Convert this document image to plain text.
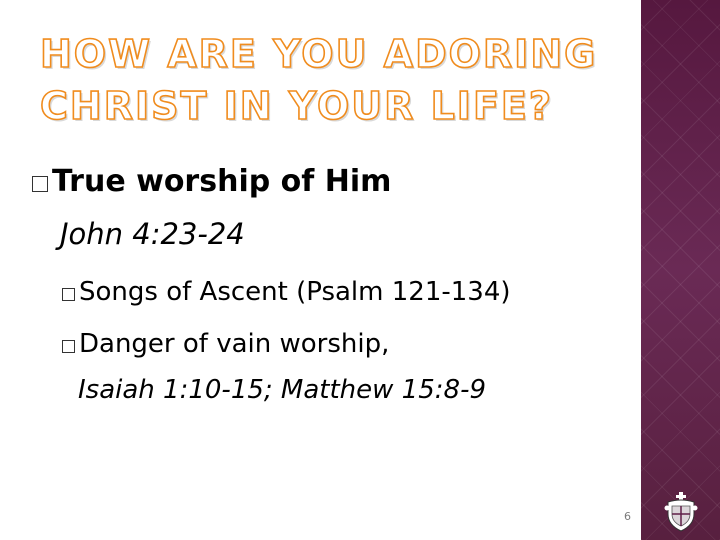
HOW ARE YOU ADORING
CHRIST IN YOUR LIFE?

True worship of Him

John 4:23-24

Songs of Ascent (Psalm 121-134)

Danger of vain worship,

Isaiah 1:10-15; Matthew 15:8-9

6
